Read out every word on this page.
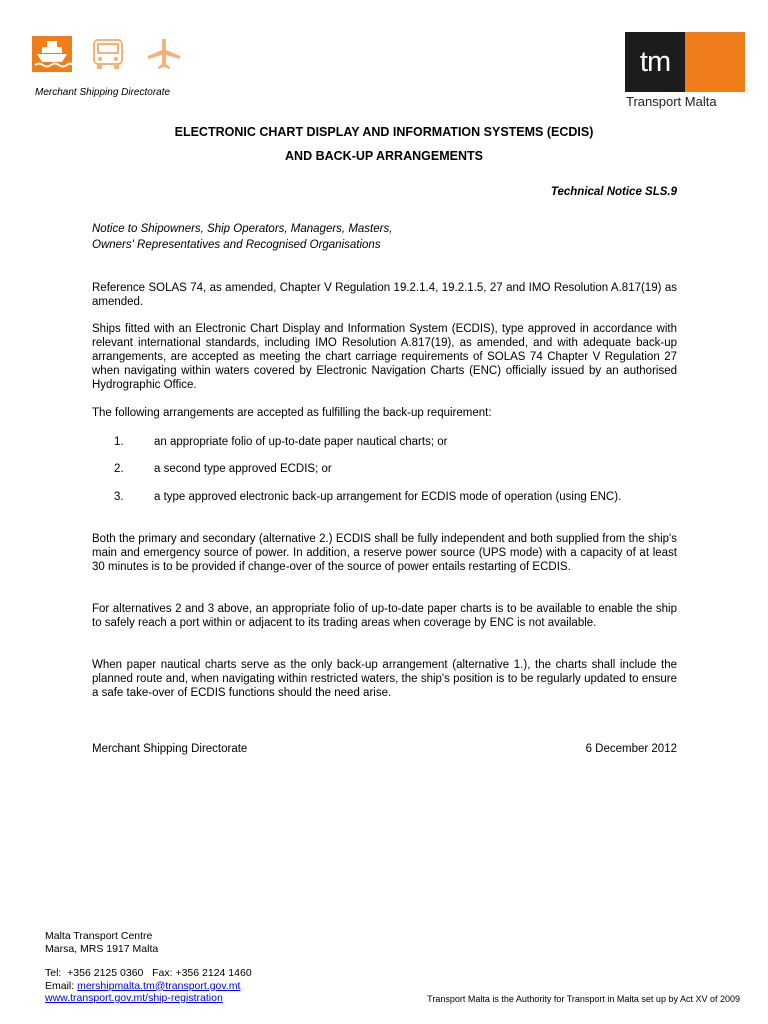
Merchant Shipping Directorate
tm
Transport Malta
ELECTRONIC CHART DISPLAY AND INFORMATION SYSTEMS (ECDIS)
AND BACK-UP ARRANGEMENTS
Technical Notice SLS.9
Notice to Shipowners, Ship Operators, Managers, Masters,
Owners' Representatives and Recognised Organisations

Reference SOLAS 74, as amended, Chapter V Regulation 19.2.1.4, 19.2.1.5, 27 and IMO Resolution A.817(19) as amended.

Ships fitted with an Electronic Chart Display and Information System (ECDIS), type approved in accordance with relevant international standards, including IMO Resolution A.817(19), as amended, and with adequate back-up arrangements, are accepted as meeting the chart carriage requirements of SOLAS 74 Chapter V Regulation 27 when navigating within waters covered by Electronic Navigation Charts (ENC) officially issued by an authorised Hydrographic Office.

The following arrangements are accepted as fulfilling the back-up requirement:

1.	an appropriate folio of up-to-date paper nautical charts; or
2.	a second type approved ECDIS; or
3.	a type approved electronic back-up arrangement for ECDIS mode of operation (using ENC).

Both the primary and secondary (alternative 2.) ECDIS shall be fully independent and both supplied from the ship's main and emergency source of power. In addition, a reserve power source (UPS mode) with a capacity of at least 30 minutes is to be provided if change-over of the source of power entails restarting of ECDIS.

For alternatives 2 and 3 above, an appropriate folio of up-to-date paper charts is to be available to enable the ship to safely reach a port within or adjacent to its trading areas when coverage by ENC is not available.

When paper nautical charts serve as the only back-up arrangement (alternative 1.), the charts shall include the planned route and, when navigating within restricted waters, the ship's position is to be regularly updated to ensure a safe take-over of ECDIS functions should the need arise.

Merchant Shipping Directorate	6 December 2012
Malta Transport Centre
Marsa, MRS 1917 Malta
Tel:  +356 2125 0360   Fax: +356 2124 1460
Email: mershipmalta.tm@transport.gov.mt
www.transport.gov.mt/ship-registration	Transport Malta is the Authority for Transport in Malta set up by Act XV of 2009
